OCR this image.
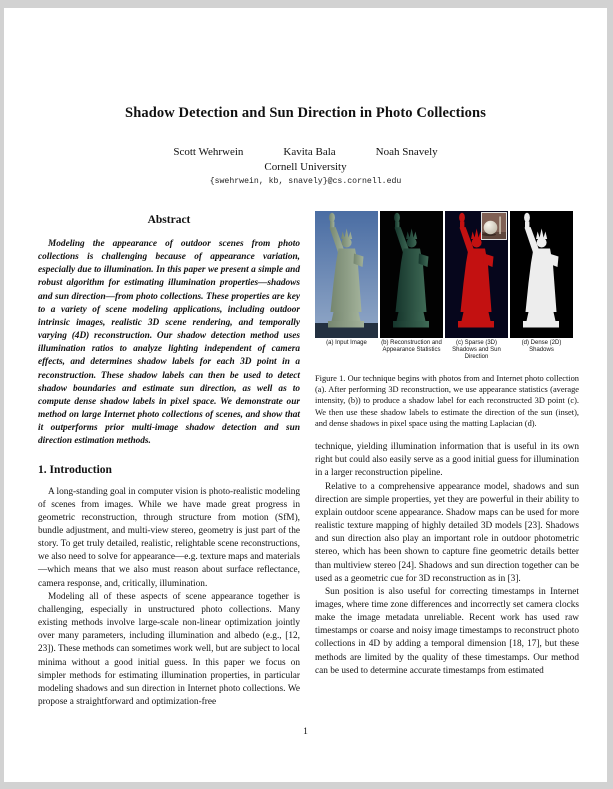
Shadow Detection and Sun Direction in Photo Collections
Scott Wehrwein	Kavita Bala	Noah Snavely
Cornell University
{swehrwein, kb, snavely}@cs.cornell.edu
Abstract

Modeling the appearance of outdoor scenes from photo collections is challenging because of appearance variation, especially due to illumination. In this paper we present a simple and robust algorithm for estimating illumination properties—shadows and sun direction—from photo collections. These properties are key to a variety of scene modeling applications, including outdoor intrinsic images, realistic 3D scene rendering, and temporally varying (4D) reconstruction. Our shadow detection method uses illumination ratios to analyze lighting independent of camera effects, and determines shadow labels for each 3D point in a reconstruction. These shadow labels can then be used to detect shadow boundaries and estimate sun direction, as well as to compute dense shadow labels in pixel space. We demonstrate our method on large Internet photo collections of scenes, and show that it outperforms prior multi-image shadow detection and sun direction estimation methods.

1. Introduction

A long-standing goal in computer vision is photo-realistic modeling of scenes from images. While we have made great progress in geometric reconstruction, through structure from motion (SfM), bundle adjustment, and multi-view stereo, geometry is just part of the story. To get truly detailed, realistic, relightable scene reconstructions, we also need to solve for appearance—e.g. texture maps and materials—which means that we also must reason about surface reflectance, camera response, and, critically, illumination.

Modeling all of these aspects of scene appearance together is challenging, especially in unstructured photo collections. Many existing methods involve large-scale non-linear optimization jointly over many parameters, including illumination and albedo (e.g., [12, 23]). These methods can sometimes work well, but are subject to local minima without a good initial guess. In this paper we focus on simpler methods for estimating illumination properties, in particular modeling shadows and sun direction in Internet photo collections. We propose a straightforward and optimization-free

(a) Input Image	(b) Reconstruction and Appearance Statistics
(c) Sparse (3D) Shadows and Sun Direction
(d) Dense (2D) Shadows

Figure 1. Our technique begins with photos from and Internet photo collection (a). After performing 3D reconstruction, we use appearance statistics (average intensity, (b)) to produce a shadow label for each reconstructed 3D point (c). We then use these shadow labels to estimate the direction of the sun (inset), and dense shadows in pixel space using the matting Laplacian (d).

technique, yielding illumination information that is useful in its own right but could also easily serve as a good initial guess for illumination in a larger reconstruction pipeline.

Relative to a comprehensive appearance model, shadows and sun direction are simple properties, yet they are powerful in their ability to explain outdoor scene appearance. Shadow maps can be used for more realistic texture mapping of highly detailed 3D models [23]. Shadows and sun direction also play an important role in outdoor photometric stereo, which has been shown to capture fine geometric details better than multiview stereo [24]. Shadows and sun direction together can be used as a geometric cue for 3D reconstruction as in [3].

Sun position is also useful for correcting timestamps in Internet images, where time zone differences and incorrectly set camera clocks make the image metadata unreliable. Recent work has used raw timestamps or coarse and noisy image timestamps to reconstruct photo collections in 4D by adding a temporal dimension [18, 17], but these methods are limited by the quality of these timestamps. Our method can be used to determine accurate timestamps from estimated

1
